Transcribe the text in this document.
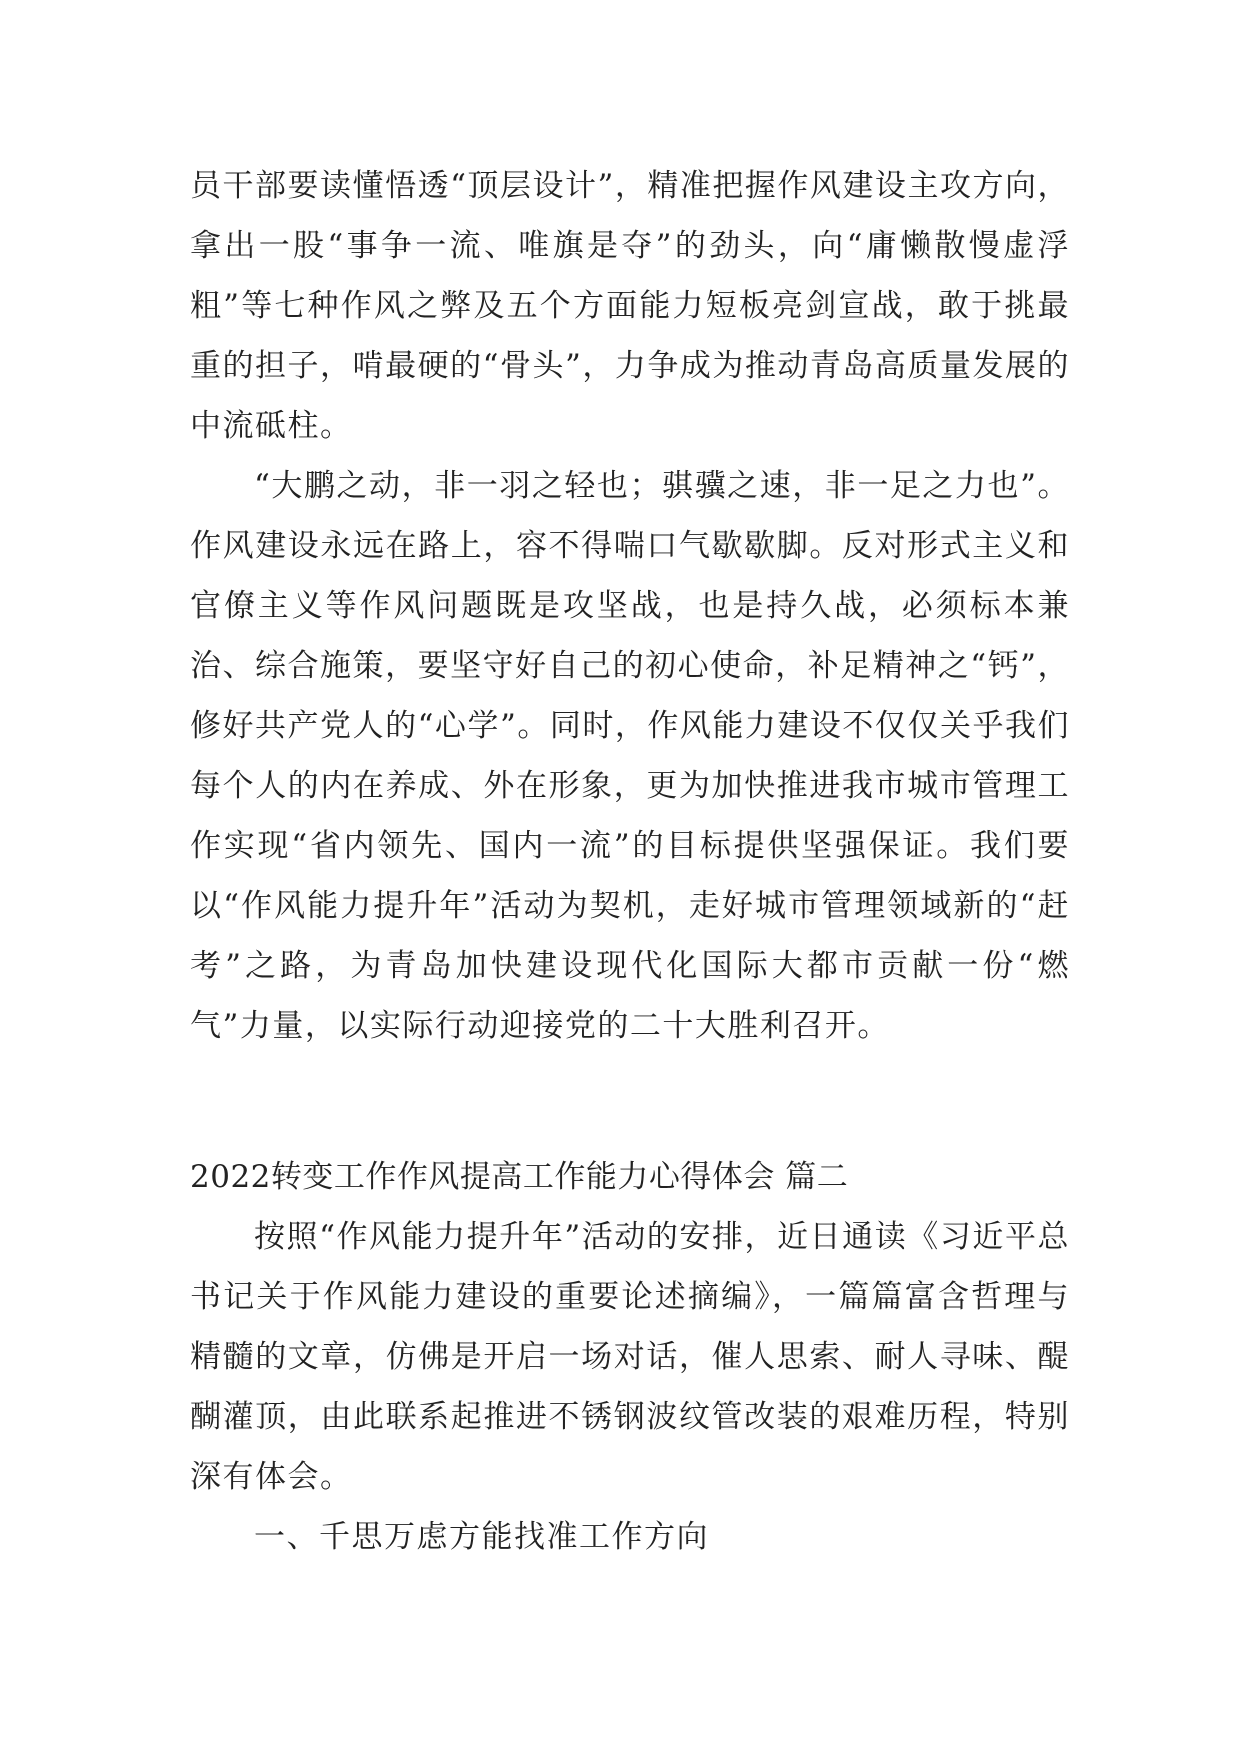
员干部要读懂悟透“顶层设计”，精准把握作风建设主攻方向，拿出一股“事争一流、唯旗是夺”的劲头，向“庸懒散慢虚浮粗”等七种作风之弊及五个方面能力短板亮剑宣战，敢于挑最重的担子，啃最硬的“骨头”，力争成为推动青岛高质量发展的中流砥柱。

“大鹏之动，非一羽之轻也；骐骥之速，非一足之力也”。作风建设永远在路上，容不得喘口气歇歇脚。反对形式主义和官僚主义等作风问题既是攻坚战，也是持久战，必须标本兼治、综合施策，要坚守好自己的初心使命，补足精神之“钙”，修好共产党人的“心学”。同时，作风能力建设不仅仅关乎我们每个人的内在养成、外在形象，更为加快推进我市城市管理工作实现“省内领先、国内一流”的目标提供坚强保证。我们要以“作风能力提升年”活动为契机，走好城市管理领域新的“赶考”之路，为青岛加快建设现代化国际大都市贡献一份“燃气”力量，以实际行动迎接党的二十大胜利召开。

2022转变工作作风提高工作能力心得体会 篇二

按照“作风能力提升年”活动的安排，近日通读《习近平总书记关于作风能力建设的重要论述摘编》，一篇篇富含哲理与精髓的文章，仿佛是开启一场对话，催人思索、耐人寻味、醍醐灌顶，由此联系起推进不锈钢波纹管改装的艰难历程，特别深有体会。

一、千思万虑方能找准工作方向
